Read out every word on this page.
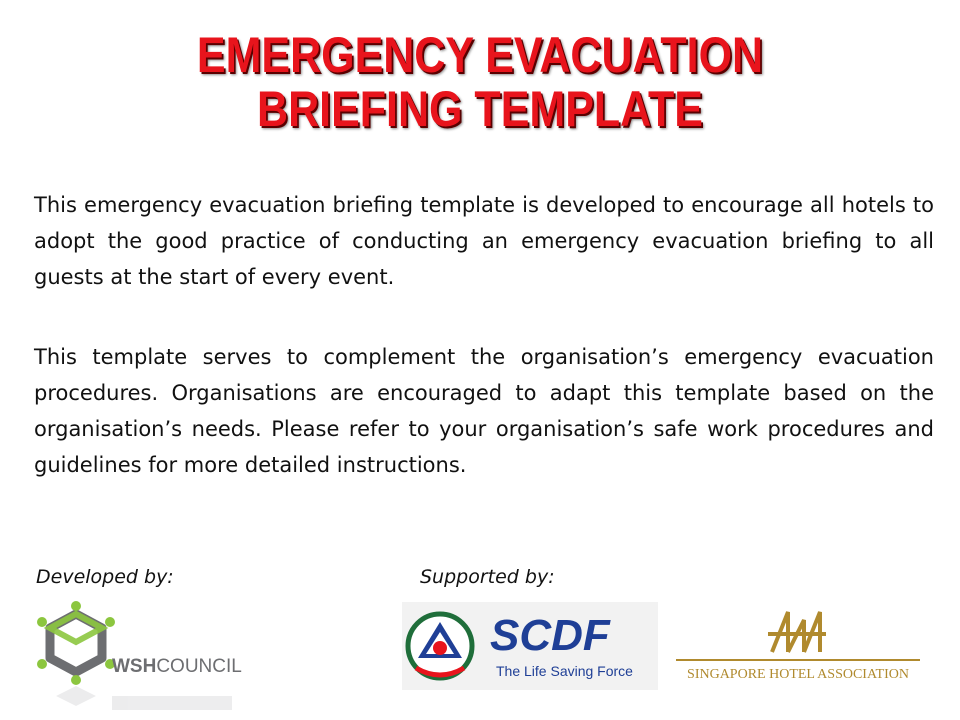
EMERGENCY EVACUATION
BRIEFING TEMPLATE

This emergency evacuation briefing template is developed to encourage all hotels to adopt the good practice of conducting an emergency evacuation briefing to all guests at the start of every event.

This template serves to complement the organisation’s emergency evacuation procedures. Organisations are encouraged to adapt this template based on the organisation’s needs. Please refer to your organisation’s safe work procedures and guidelines for more detailed instructions.

Developed by:	Supported by:
WSHCOUNCIL
SCDF
The Life Saving Force	SINGAPORE HOTEL ASSOCIATION
